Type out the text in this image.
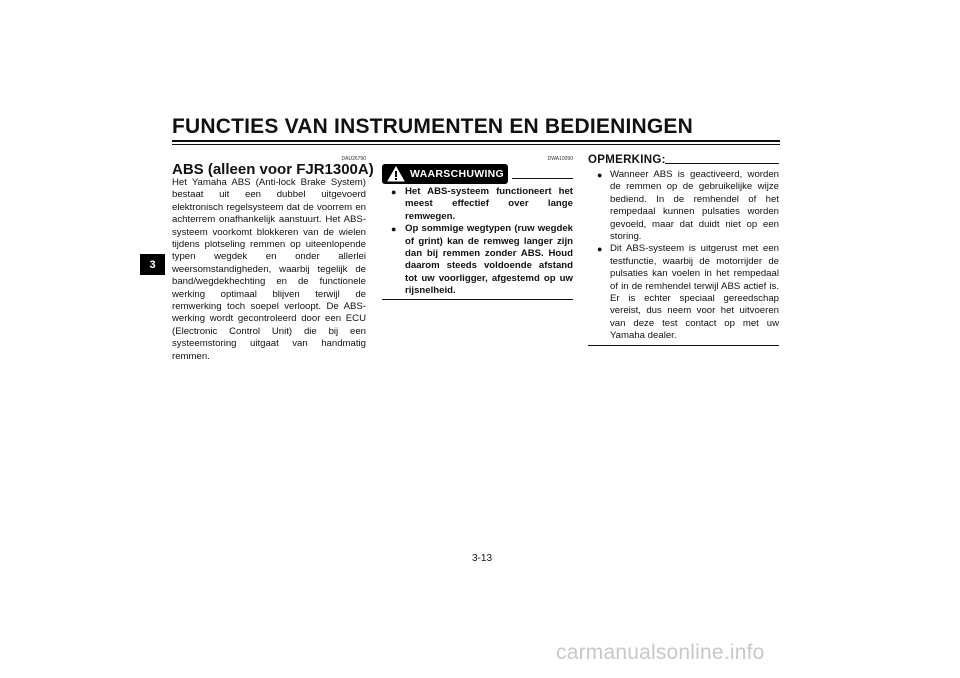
FUNCTIES VAN INSTRUMENTEN EN BEDIENINGEN
3
DAU26790
ABS (alleen voor FJR1300A)
Het Yamaha ABS (Anti-lock Brake System) bestaat uit een dubbel uitgevoerd elektronisch regelsysteem dat de voorrem en achterrem onafhankelijk aanstuurt. Het ABS-systeem voorkomt blokkeren van de wielen tijdens plotseling remmen op uiteenlopende typen wegdek en onder allerlei weersomstandigheden, waarbij tegelijk de band/wegdekhechting en de functionele werking optimaal blijven terwijl de remwerking toch soepel verloopt. De ABS-werking wordt gecontroleerd door een ECU (Electronic Control Unit) die bij een systeemstoring uitgaat van handmatig remmen.
DWA10090
WAARSCHUWING
● Het ABS-systeem functioneert het meest effectief over lange remwegen.
● Op sommige wegtypen (ruw wegdek of grint) kan de remweg langer zijn dan bij remmen zonder ABS. Houd daarom steeds voldoende afstand tot uw voorligger, afgestemd op uw rijsnelheid.
OPMERKING:
● Wanneer ABS is geactiveerd, worden de remmen op de gebruikelijke wijze bediend. In de remhendel of het rempedaal kunnen pulsaties worden gevoeld, maar dat duidt niet op een storing.
● Dit ABS-systeem is uitgerust met een testfunctie, waarbij de motorrijder de pulsaties kan voelen in het rempedaal of in de remhendel terwijl ABS actief is. Er is echter speciaal gereedschap vereist, dus neem voor het uitvoeren van deze test contact op met uw Yamaha dealer.
3-13
carmanualsonline.info
